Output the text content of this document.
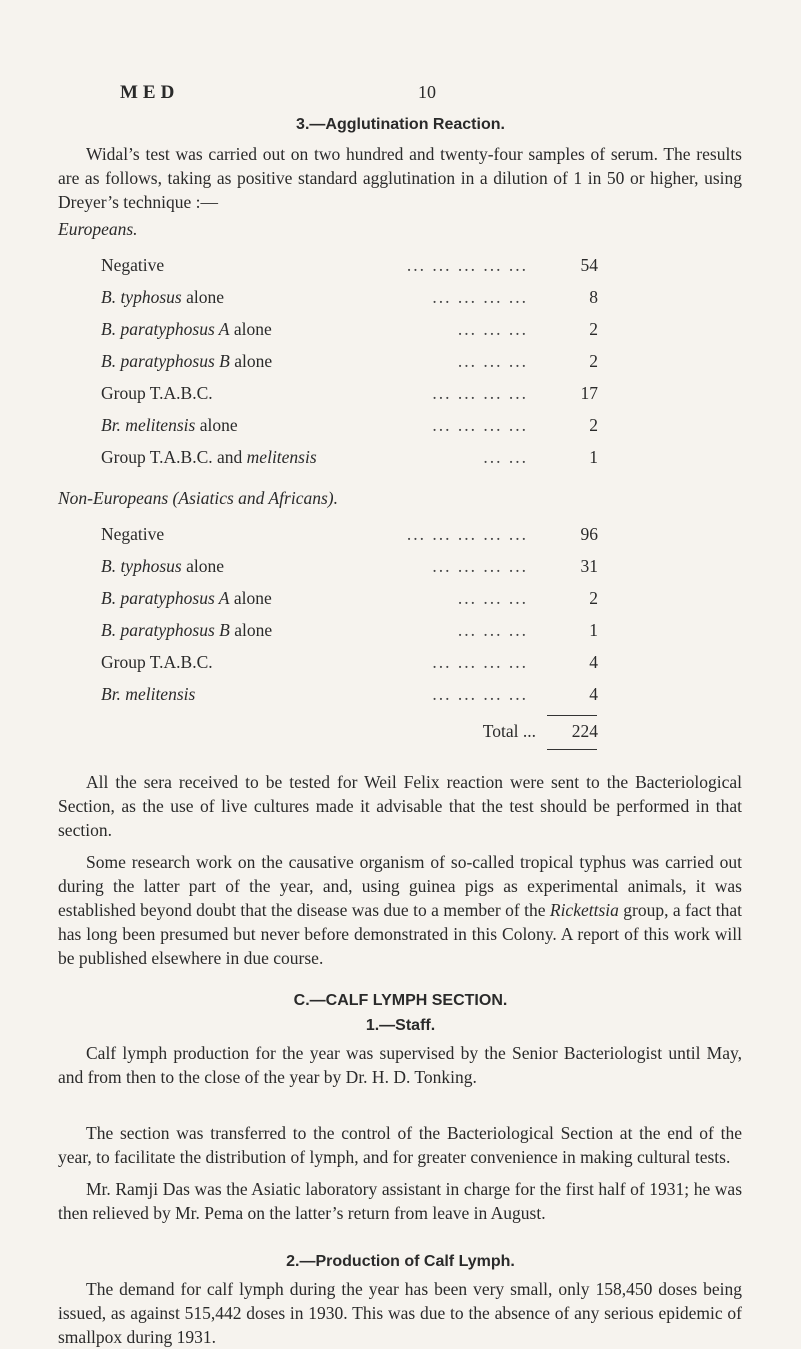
MED	10
3.—Agglutination Reaction.

Widal’s test was carried out on two hundred and twenty-four samples of serum. The results are as follows, taking as positive standard agglutination in a dilution of 1 in 50 or higher, using Dreyer’s technique :—

Europeans.
Negative	... ... ... ... ...	54
B. typhosus alone	... ... ... ...	8
B. paratyphosus A alone	... ... ...	2
B. paratyphosus B alone	... ... ...	2
Group T.A.B.C.	... ... ... ...	17
Br. melitensis alone	... ... ... ...	2
Group T.A.B.C. and melitensis	... ...	1
Non-Europeans (Asiatics and Africans).
Negative	... ... ... ... ...	96
B. typhosus alone	... ... ... ...	31
B. paratyphosus A alone	... ... ...	2
B. paratyphosus B alone	... ... ...	1
Group T.A.B.C.	... ... ... ...	4
Br. melitensis	... ... ... ...	4
Total ... 224

All the sera received to be tested for Weil Felix reaction were sent to the Bacteriological Section, as the use of live cultures made it advisable that the test should be performed in that section.

Some research work on the causative organism of so-called tropical typhus was carried out during the latter part of the year, and, using guinea pigs as experimental animals, it was established beyond doubt that the disease was due to a member of the Rickettsia group, a fact that has long been presumed but never before demonstrated in this Colony. A report of this work will be published elsewhere in due course.

C.—CALF LYMPH SECTION.
1.—Staff.

Calf lymph production for the year was supervised by the Senior Bacteriologist until May, and from then to the close of the year by Dr. H. D. Tonking.

The section was transferred to the control of the Bacteriological Section at the end of the year, to facilitate the distribution of lymph, and for greater convenience in making cultural tests.

Mr. Ramji Das was the Asiatic laboratory assistant in charge for the first half of 1931; he was then relieved by Mr. Pema on the latter’s return from leave in August.

2.—Production of Calf Lymph.

The demand for calf lymph during the year has been very small, only 158,450 doses being issued, as against 515,442 doses in 1930. This was due to the absence of any serious epidemic of smallpox during 1931.
